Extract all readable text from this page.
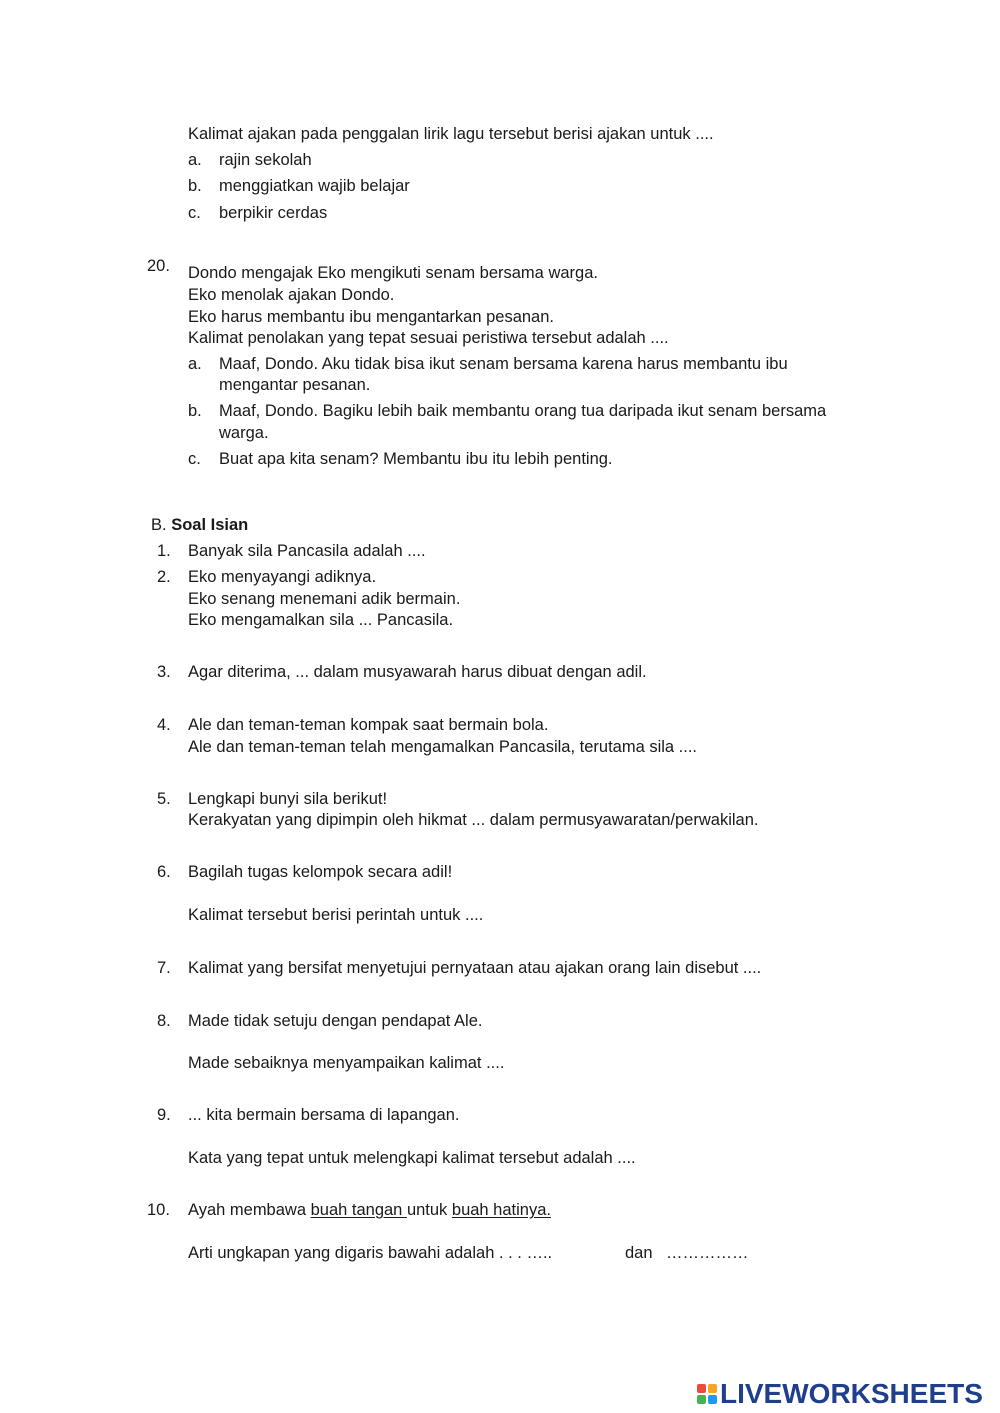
Kalimat ajakan pada penggalan lirik lagu tersebut berisi ajakan untuk ....
a. rajin sekolah
b. menggiatkan wajib belajar
c. berpikir cerdas
20. Dondo mengajak Eko mengikuti senam bersama warga.
Eko menolak ajakan Dondo.
Eko harus membantu ibu mengantarkan pesanan.
Kalimat penolakan yang tepat sesuai peristiwa tersebut adalah ....
a. Maaf, Dondo. Aku tidak bisa ikut senam bersama karena harus membantu ibu
mengantar pesanan.
b. Maaf, Dondo. Bagiku lebih baik membantu orang tua daripada ikut senam bersama
warga.
c. Buat apa kita senam? Membantu ibu itu lebih penting.
B. Soal Isian
1. Banyak sila Pancasila adalah ....
2. Eko menyayangi adiknya.
Eko senang menemani adik bermain.
Eko mengamalkan sila ... Pancasila.
3. Agar diterima, ... dalam musyawarah harus dibuat dengan adil.
4. Ale dan teman-teman kompak saat bermain bola.
Ale dan teman-teman telah mengamalkan Pancasila, terutama sila ....
5. Lengkapi bunyi sila berikut!
Kerakyatan yang dipimpin oleh hikmat ... dalam permusyawaratan/perwakilan.
6. Bagilah tugas kelompok secara adil!
Kalimat tersebut berisi perintah untuk ....
7. Kalimat yang bersifat menyetujui pernyataan atau ajakan orang lain disebut ....
8. Made tidak setuju dengan pendapat Ale.
Made sebaiknya menyampaikan kalimat ....
9. ... kita bermain bersama di lapangan.
Kata yang tepat untuk melengkapi kalimat tersebut adalah ....
10. Ayah membawa buah tangan untuk buah hatinya.
Arti ungkapan yang digaris bawahi adalah . . . …..	dan ……………
LIVEWORKSHEETS
